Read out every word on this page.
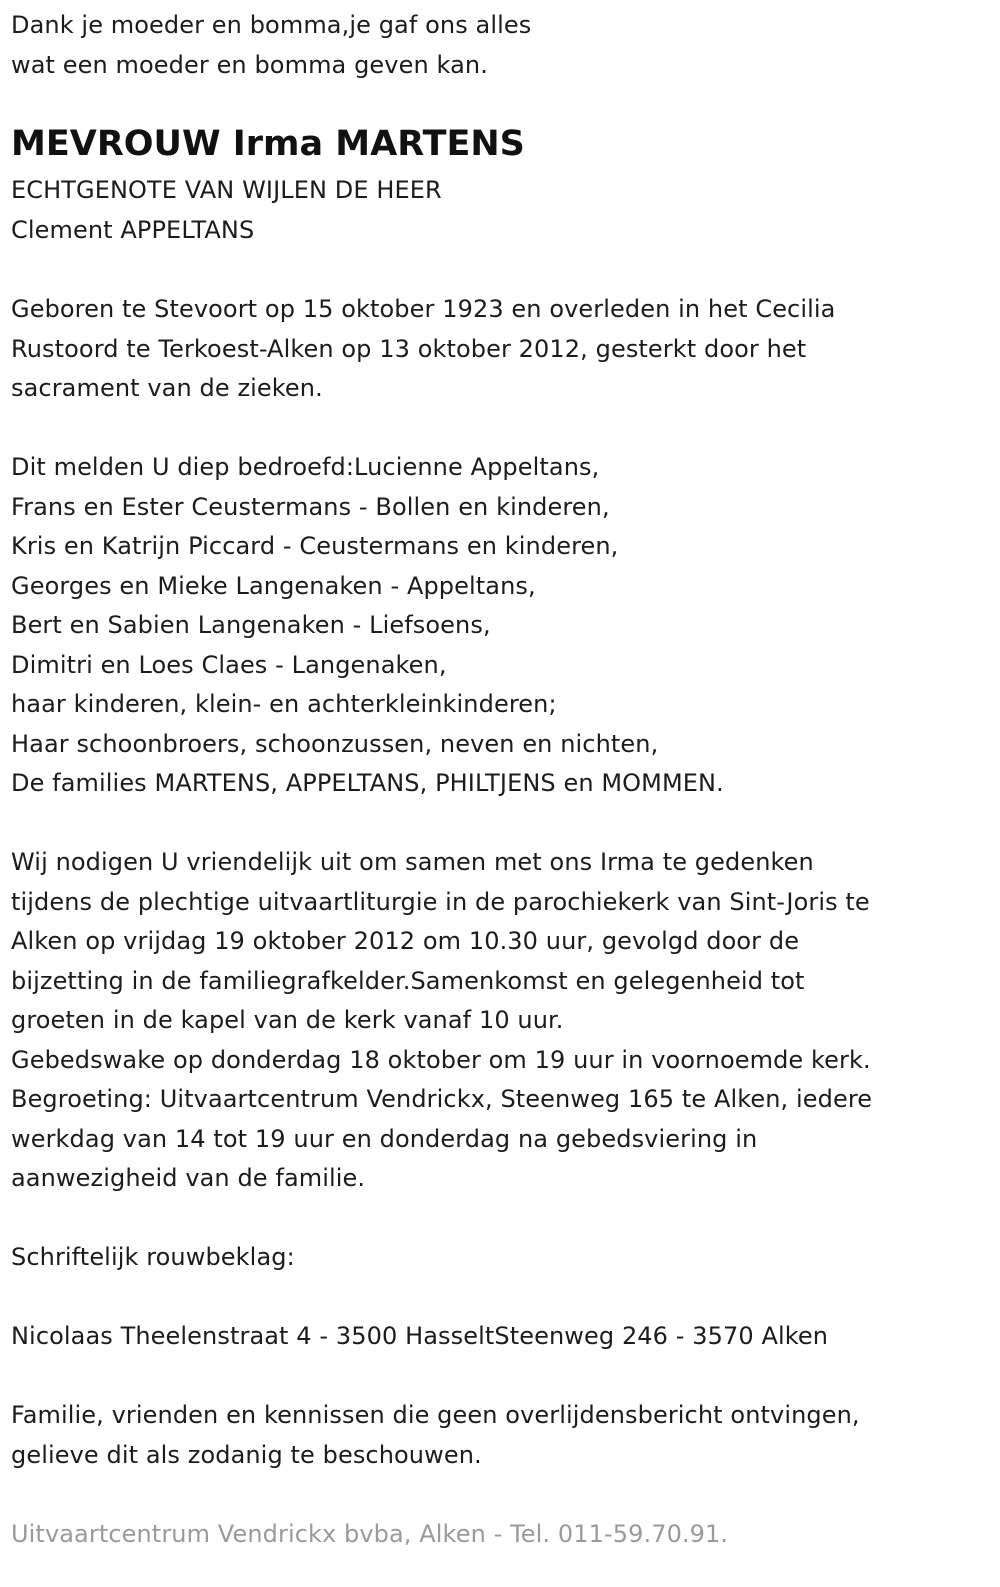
Dank je moeder en bomma,je gaf ons alles
wat een moeder en bomma geven kan.
MEVROUW Irma MARTENS
ECHTGENOTE VAN WIJLEN DE HEER
Clement APPELTANS
Geboren te Stevoort op 15 oktober 1923 en overleden in het Cecilia
Rustoord te Terkoest-Alken op 13 oktober 2012, gesterkt door het
sacrament van de zieken.
Dit melden U diep bedroefd:Lucienne Appeltans,
Frans en Ester Ceustermans - Bollen en kinderen,
Kris en Katrijn Piccard - Ceustermans en kinderen,
Georges en Mieke Langenaken - Appeltans,
Bert en Sabien Langenaken - Liefsoens,
Dimitri en Loes Claes - Langenaken,
haar kinderen, klein- en achterkleinkinderen;
Haar schoonbroers, schoonzussen, neven en nichten,
De families MARTENS, APPELTANS, PHILTJENS en MOMMEN.
Wij nodigen U vriendelijk uit om samen met ons Irma te gedenken
tijdens de plechtige uitvaartliturgie in de parochiekerk van Sint-Joris te
Alken op vrijdag 19 oktober 2012 om 10.30 uur, gevolgd door de
bijzetting in de familiegrafkelder.Samenkomst en gelegenheid tot
groeten in de kapel van de kerk vanaf 10 uur.
Gebedswake op donderdag 18 oktober om 19 uur in voornoemde kerk.
Begroeting: Uitvaartcentrum Vendrickx, Steenweg 165 te Alken, iedere
werkdag van 14 tot 19 uur en donderdag na gebedsviering in
aanwezigheid van de familie.
Schriftelijk rouwbeklag:
Nicolaas Theelenstraat 4 - 3500 HasseltSteenweg 246 - 3570 Alken
Familie, vrienden en kennissen die geen overlijdensbericht ontvingen,
gelieve dit als zodanig te beschouwen.
Uitvaartcentrum Vendrickx bvba, Alken - Tel. 011-59.70.91.
